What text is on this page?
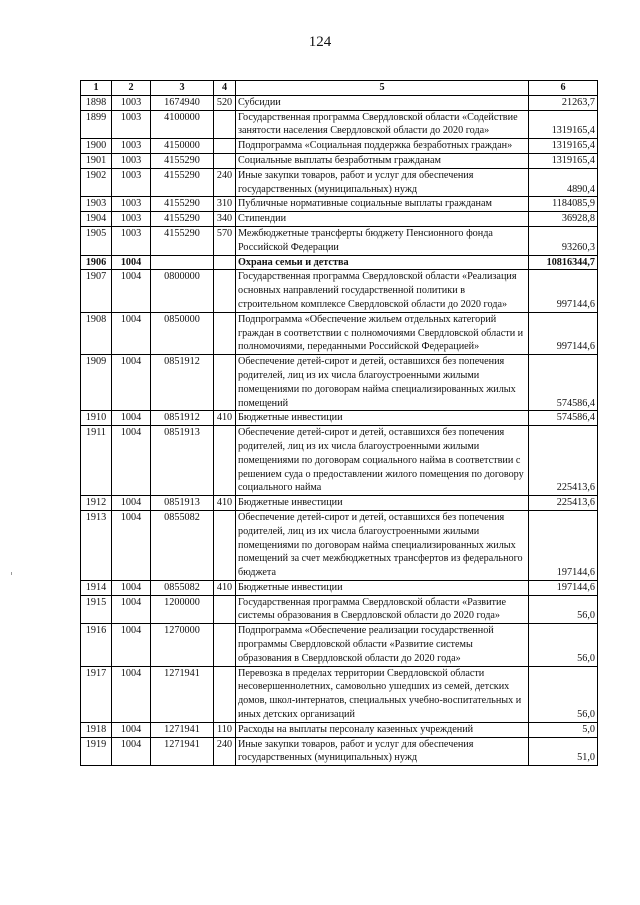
124
1	2	3	4	5	6
1898	1003	1674940	520	Субсидии	21263,7
1899	1003	4100000		Государственная программа Свердловской области «Содействие занятости населения Свердловской области до 2020 года»	1319165,4
1900	1003	4150000		Подпрограмма «Социальная поддержка безработных граждан»	1319165,4
1901	1003	4155290		Социальные выплаты безработным гражданам	1319165,4
1902	1003	4155290	240	Иные закупки товаров, работ и услуг для обеспечения государственных (муниципальных) нужд	4890,4
1903	1003	4155290	310	Публичные нормативные социальные выплаты гражданам	1184085,9
1904	1003	4155290	340	Стипендии	36928,8
1905	1003	4155290	570	Межбюджетные трансферты бюджету Пенсионного фонда Российской Федерации	93260,3
1906	1004			Охрана семьи и детства	10816344,7
1907	1004	0800000		Государственная программа Свердловской области «Реализация основных направлений государственной политики в строительном комплексе Свердловской области до 2020 года»	997144,6
1908	1004	0850000		Подпрограмма «Обеспечение жильем отдельных категорий граждан в соответствии с полномочиями Свердловской области и полномочиями, переданными Российской Федерацией»	997144,6
1909	1004	0851912		Обеспечение детей-сирот и детей, оставшихся без попечения родителей, лиц из их числа благоустроенными жилыми помещениями по договорам найма специализированных жилых помещений	574586,4
1910	1004	0851912	410	Бюджетные инвестиции	574586,4
1911	1004	0851913		Обеспечение детей-сирот и детей, оставшихся без попечения родителей, лиц из их числа благоустроенными жилыми помещениями по договорам социального найма в соответствии с решением суда о предоставлении жилого помещения по договору социального найма	225413,6
1912	1004	0851913	410	Бюджетные инвестиции	225413,6
1913	1004	0855082		Обеспечение детей-сирот и детей, оставшихся без попечения родителей, лиц из их числа благоустроенными жилыми помещениями по договорам найма специализированных жилых помещений за счет межбюджетных трансфертов из федерального бюджета	197144,6
1914	1004	0855082	410	Бюджетные инвестиции	197144,6
1915	1004	1200000		Государственная программа Свердловской области «Развитие системы образования в Свердловской области до 2020 года»	56,0
1916	1004	1270000		Подпрограмма «Обеспечение реализации государственной программы Свердловской области «Развитие системы образования в Свердловской области до 2020 года»	56,0
1917	1004	1271941		Перевозка в пределах территории Свердловской области несовершеннолетних, самовольно ушедших из семей, детских домов, школ-интернатов, специальных учебно-воспитательных и иных детских организаций	56,0
1918	1004	1271941	110	Расходы на выплаты персоналу казенных учреждений	5,0
1919	1004	1271941	240	Иные закупки товаров, работ и услуг для обеспечения государственных (муниципальных) нужд	51,0
